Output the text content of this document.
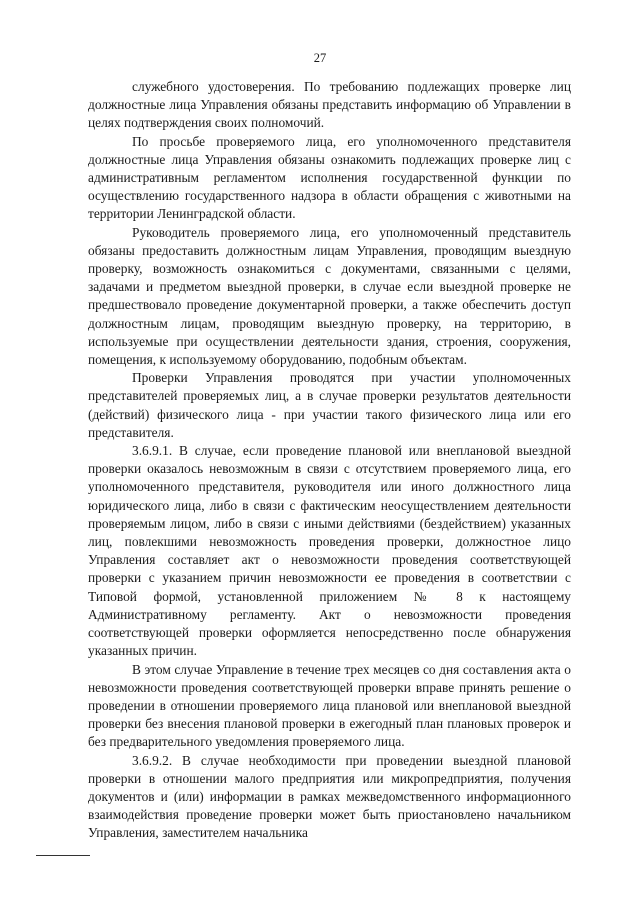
27

служебного удостоверения. По требованию подлежащих проверке лиц должностные лица Управления обязаны представить информацию об Управлении в целях подтверждения своих полномочий.

По просьбе проверяемого лица, его уполномоченного представителя должностные лица Управления обязаны ознакомить подлежащих проверке лиц с административным регламентом исполнения государственной функции по осуществлению государственного надзора в области обращения с животными на территории Ленинградской области.

Руководитель проверяемого лица, его уполномоченный представитель обязаны предоставить должностным лицам Управления, проводящим выездную проверку, возможность ознакомиться с документами, связанными с целями, задачами и предметом выездной проверки, в случае если выездной проверке не предшествовало проведение документарной проверки, а также обеспечить доступ должностным лицам, проводящим выездную проверку, на территорию, в используемые при осуществлении деятельности здания, строения, сооружения, помещения, к используемому оборудованию, подобным объектам.

Проверки Управления проводятся при участии уполномоченных представителей проверяемых лиц, а в случае проверки результатов деятельности (действий) физического лица - при участии такого физического лица или его представителя.

3.6.9.1. В случае, если проведение плановой или внеплановой выездной проверки оказалось невозможным в связи с отсутствием проверяемого лица, его уполномоченного представителя, руководителя или иного должностного лица юридического лица, либо в связи с фактическим неосуществлением деятельности проверяемым лицом, либо в связи с иными действиями (бездействием) указанных лиц, повлекшими невозможность проведения проверки, должностное лицо Управления составляет акт о невозможности проведения соответствующей проверки с указанием причин невозможности ее проведения в соответствии с Типовой формой, установленной приложением № 8 к настоящему Административному регламенту. Акт о невозможности проведения соответствующей проверки оформляется непосредственно после обнаружения указанных причин.

В этом случае Управление в течение трех месяцев со дня составления акта о невозможности проведения соответствующей проверки вправе принять решение о проведении в отношении проверяемого лица плановой или внеплановой выездной проверки без внесения плановой проверки в ежегодный план плановых проверок и без предварительного уведомления проверяемого лица.

3.6.9.2. В случае необходимости при проведении выездной плановой проверки в отношении малого предприятия или микропредприятия, получения документов и (или) информации в рамках межведомственного информационного взаимодействия проведение проверки может быть приостановлено начальником Управления, заместителем начальника
